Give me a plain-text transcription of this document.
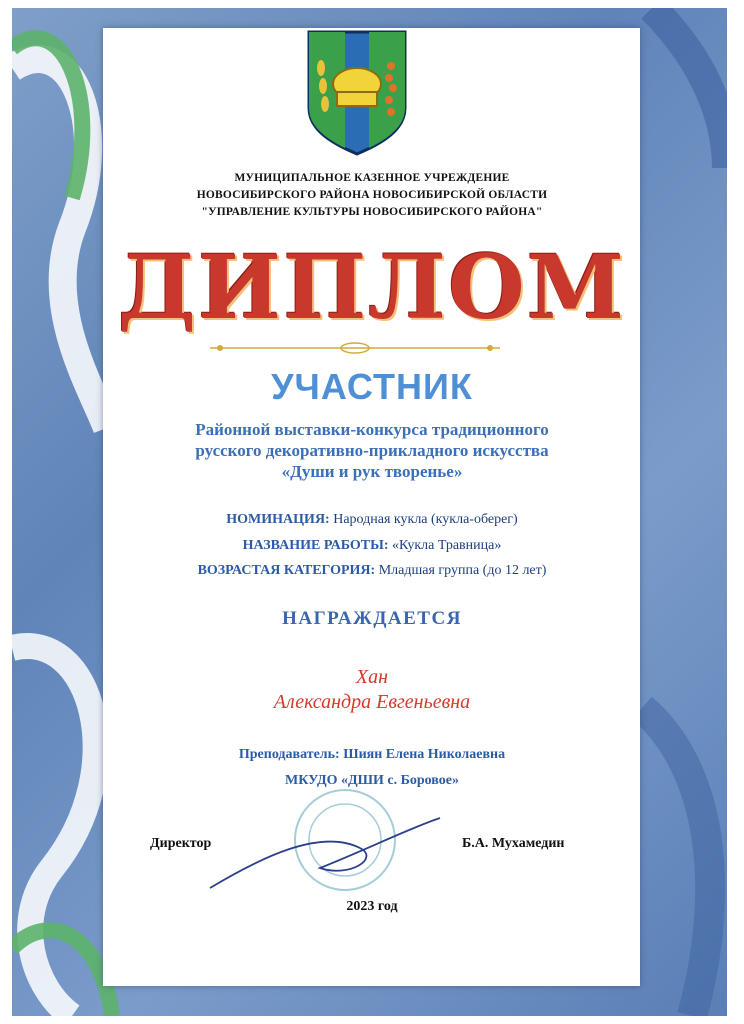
МУНИЦИПАЛЬНОЕ КАЗЕННОЕ УЧРЕЖДЕНИЕ
НОВОСИБИРСКОГО РАЙОНА НОВОСИБИРСКОЙ ОБЛАСТИ
"УПРАВЛЕНИЕ КУЛЬТУРЫ НОВОСИБИРСКОГО РАЙОНА"
ДИПЛОМ
УЧАСТНИК
Районной выставки-конкурса традиционного
русского декоративно-прикладного искусства
«Души и рук творенье»
НОМИНАЦИЯ: Народная кукла (кукла-оберег)
НАЗВАНИЕ РАБОТЫ: «Кукла Травница»
ВОЗРАСТАЯ КАТЕГОРИЯ: Младшая группа (до 12 лет)
НАГРАЖДАЕТСЯ
Хан
Александра Евгеньевна
Преподаватель: Шиян Елена Николаевна
МКУДО «ДШИ с. Боровое»
Директор	Б.А. Мухамедин
2023 год
